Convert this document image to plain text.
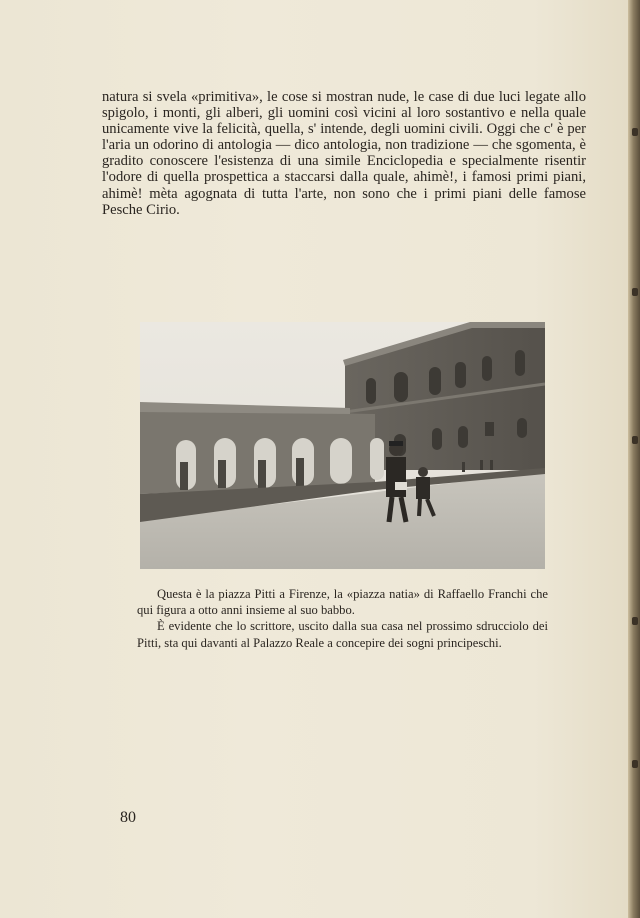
natura si svela «primitiva», le cose si mostran nude, le case di due luci legate allo spigolo, i monti, gli alberi, gli uomini così vicini al loro sostantivo e nella quale unicamente vive la felicità, quella, s' intende, degli uomini civili. Oggi che c' è per l'aria un odorino di antologia — dico antologia, non tradizione — che sgomenta, è gradito conoscere l'esistenza di una simile Enciclopedia e specialmente risentir l'odore di quella prospettica a staccarsi dalla quale, ahimè!, i famosi primi piani, ahimè! mèta agognata di tutta l'arte, non sono che i primi piani delle famose Pesche Cirio.

Questa è la piazza Pitti a Firenze, la «piazza natia» di Raffaello Franchi che qui figura a otto anni insieme al suo babbo.

È evidente che lo scrittore, uscito dalla sua casa nel prossimo sdrucciolo dei Pitti, sta qui davanti al Palazzo Reale a concepire dei sogni principeschi.

80
